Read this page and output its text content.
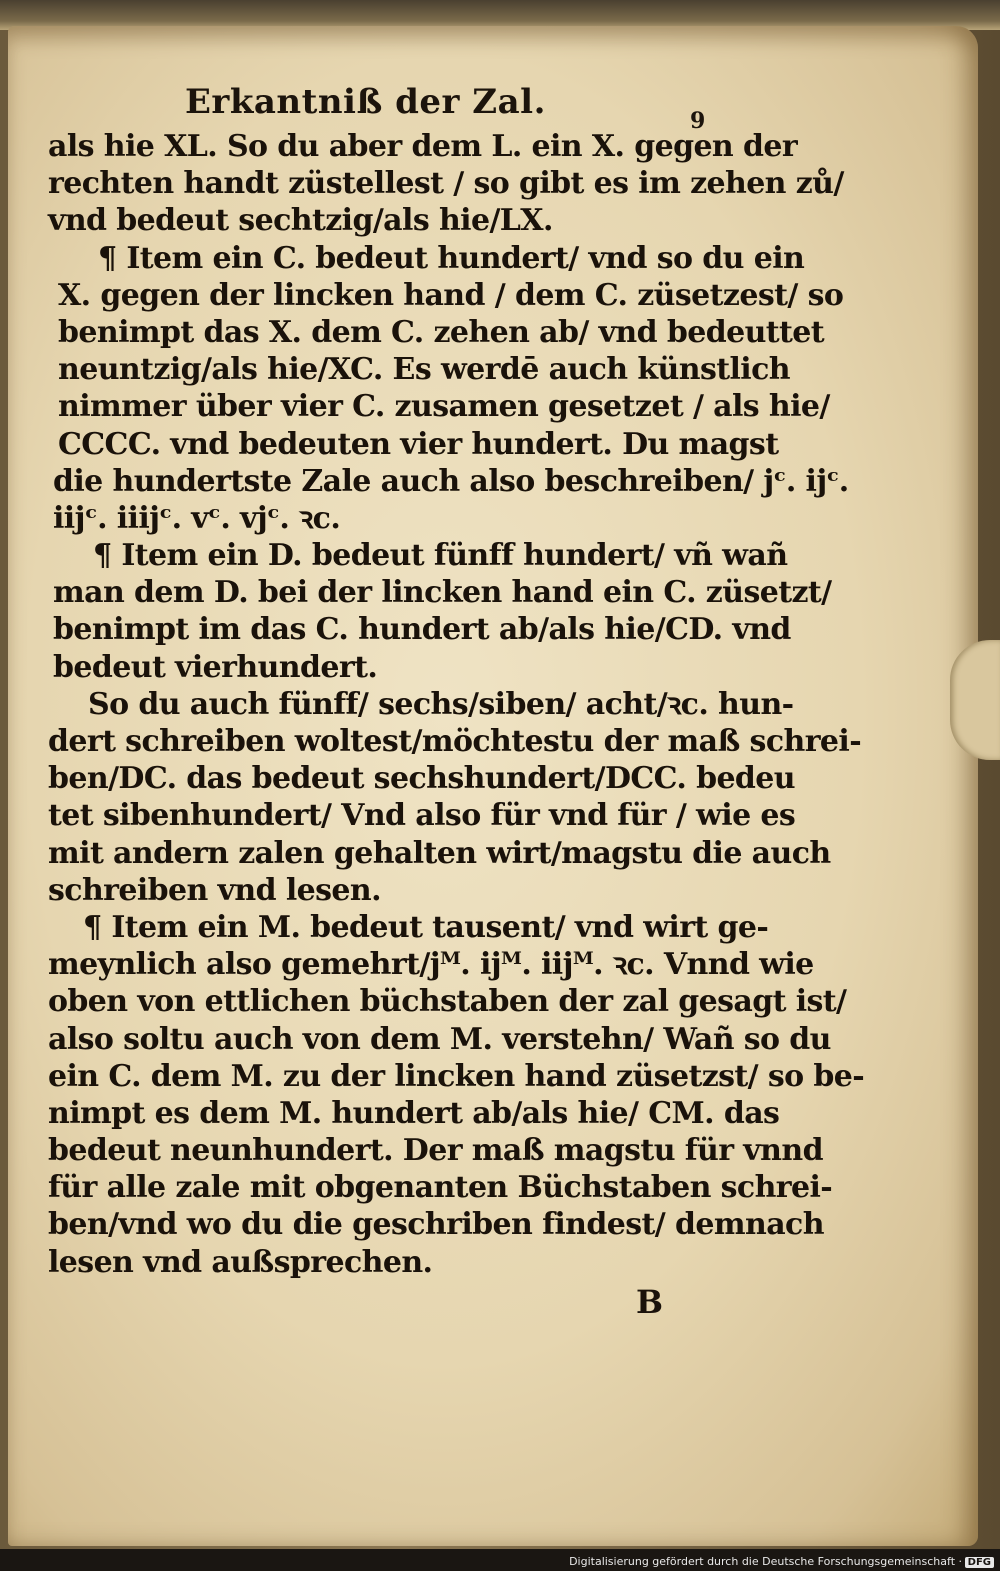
Erkantniß der Zal.	9
als hie XL. So du aber dem L. ein X. gegen der
rechten handt züstellest / so gibt es im zehen zů/
vnd bedeut sechtzig/als hie/LX.
¶ Item ein C. bedeut hundert/ vnd so du ein
X. gegen der lincken hand / dem C. züsetzest/ so
benimpt das X. dem C. zehen ab/ vnd bedeuttet
neuntzig/als hie/XC. Es werdē auch künstlich
nimmer über vier C. zusamen gesetzet / als hie/
CCCC. vnd bedeuten vier hundert. Du magst
die hundertste Zale auch also beschreiben/ jᶜ. ijᶜ.
iijᶜ. iiijᶜ. vᶜ. vjᶜ. ꝛc.
¶ Item ein D. bedeut fünff hundert/ vñ wañ
man dem D. bei der lincken hand ein C. züsetzt/
benimpt im das C. hundert ab/als hie/CD. vnd
bedeut vierhundert.
So du auch fünff/ sechs/siben/ acht/ꝛc. hun-
dert schreiben woltest/möchtestu der maß schrei-
ben/DC. das bedeut sechshundert/DCC. bedeu
tet sibenhundert/ Vnd also für vnd für / wie es
mit andern zalen gehalten wirt/magstu die auch
schreiben vnd lesen.
¶ Item ein M. bedeut tausent/ vnd wirt ge-
meynlich also gemehrt/jᴹ. ijᴹ. iijᴹ. ꝛc. Vnnd wie
oben von ettlichen büchstaben der zal gesagt ist/
also soltu auch von dem M. verstehn/ Wañ so du
ein C. dem M. zu der lincken hand züsetzst/ so be-
nimpt es dem M. hundert ab/als hie/ CM. das
bedeut neunhundert. Der maß magstu für vnnd
für alle zale mit obgenanten Büchstaben schrei-
ben/vnd wo du die geschriben findest/ demnach
lesen vnd außsprechen.
B
Digitalisierung gefördert durch die Deutsche Forschungsgemeinschaft · DFG
